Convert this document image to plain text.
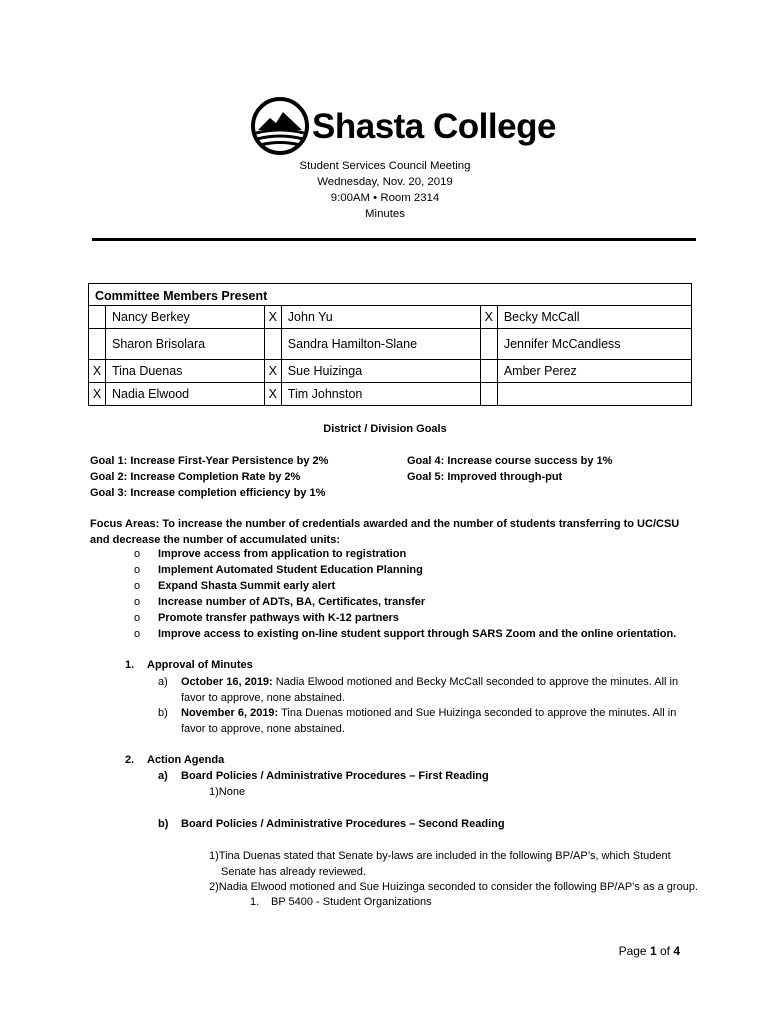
Shasta College
Student Services Council Meeting
Wednesday, Nov. 20, 2019
9:00AM • Room 2314
Minutes
Committee Members Present					
	Nancy Berkey	X	John Yu	X	Becky McCall
	Sharon Brisolara		Sandra Hamilton-Slane		Jennifer McCandless
X	Tina Duenas	X	Sue Huizinga		Amber Perez
X	Nadia Elwood	X	Tim Johnston		
District / Division Goals
Goal 1: Increase First-Year Persistence by 2%
Goal 2: Increase Completion Rate by 2%
Goal 3: Increase completion efficiency by 1%
Goal 4: Increase course success by 1%
Goal 5: Improved through-put
Focus Areas: To increase the number of credentials awarded and the number of students transferring to UC/CSU and decrease the number of accumulated units:
o	Improve access from application to registration
o	Implement Automated Student Education Planning
o	Expand Shasta Summit early alert
o	Increase number of ADTs, BA, Certificates, transfer
o	Promote transfer pathways with K-12 partners
o	Improve access to existing on-line student support through SARS Zoom and the online orientation.
1. Approval of Minutes
a) October 16, 2019: Nadia Elwood motioned and Becky McCall seconded to approve the minutes. All in
favor to approve, none abstained.
b) November 6, 2019: Tina Duenas motioned and Sue Huizinga seconded to approve the minutes. All in
favor to approve, none abstained.
2. Action Agenda
a) Board Policies / Administrative Procedures – First Reading
1)None
b) Board Policies / Administrative Procedures – Second Reading
1)Tina Duenas stated that Senate by-laws are included in the following BP/AP’s, which Student
Senate has already reviewed.
2)Nadia Elwood motioned and Sue Huizinga seconded to consider the following BP/AP’s as a group.
1. BP 5400 - Student Organizations
Page 1 of 4
